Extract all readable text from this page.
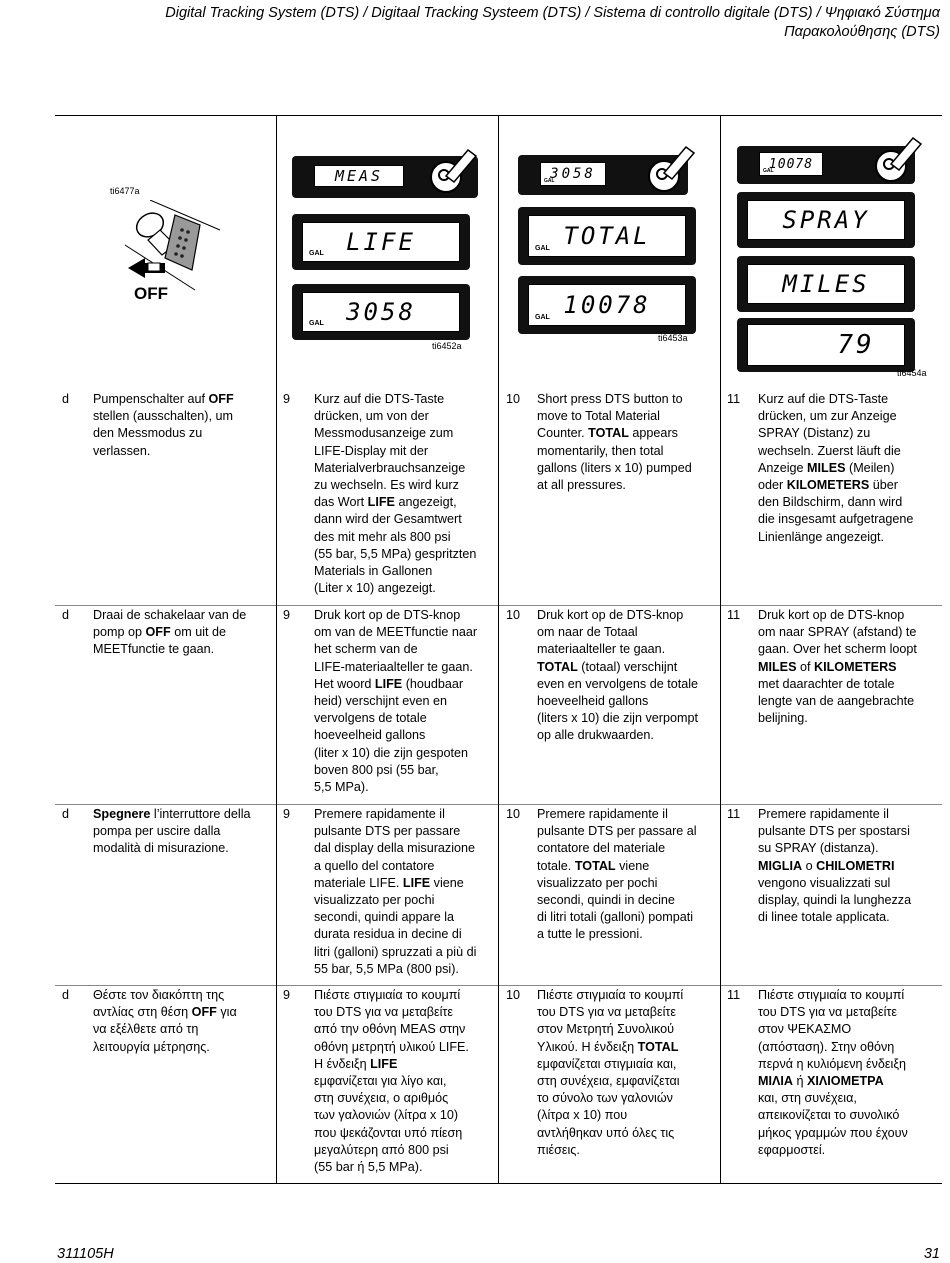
Digital Tracking System (DTS) / Digitaal Tracking Systeem (DTS) / Sistema di controllo digitale (DTS) / Ψηφιακό Σύστημα
Παρακολούθησης (DTS)
ti6477a
OFF
MEAS
GAL LIFE
GAL 3058
ti6452a
GAL
3058
GAL TOTAL
GAL 10078
ti6453a
GAL
10078
SPRAY
MILES
79
ti6454a
d Pumpenschalter auf OFF
stellen (ausschalten), um
den Messmodus zu
verlassen.
9 Kurz auf die DTS-Taste
drücken, um von der
Messmodusanzeige zum
LIFE-Display mit der
Materialverbrauchsanzeige
zu wechseln. Es wird kurz
das Wort LIFE angezeigt,
dann wird der Gesamtwert
des mit mehr als 800 psi
(55 bar, 5,5 MPa) gespritzten
Materials in Gallonen
(Liter x 10) angezeigt.
10 Short press DTS button to
move to Total Material
Counter. TOTAL appears
momentarily, then total
gallons (liters x 10) pumped
at all pressures.
11 Kurz auf die DTS-Taste
drücken, um zur Anzeige
SPRAY (Distanz) zu
wechseln. Zuerst läuft die
Anzeige MILES (Meilen)
oder KILOMETERS über
den Bildschirm, dann wird
die insgesamt aufgetragene
Linienlänge angezeigt.
d Draai de schakelaar van de
pomp op OFF om uit de
MEETfunctie te gaan.
9 Druk kort op de DTS-knop
om van de MEETfunctie naar
het scherm van de
LIFE-materiaalteller te gaan.
Het woord LIFE (houdbaar
heid) verschijnt even en
vervolgens de totale
hoeveelheid gallons
(liter x 10) die zijn gespoten
boven 800 psi (55 bar,
5,5 MPa).
10 Druk kort op de DTS-knop
om naar de Totaal
materiaalteller te gaan.
TOTAL (totaal) verschijnt
even en vervolgens de totale
hoeveelheid gallons
(liters x 10) die zijn verpompt
op alle drukwaarden.
11 Druk kort op de DTS-knop
om naar SPRAY (afstand) te
gaan. Over het scherm loopt
MILES of KILOMETERS
met daarachter de totale
lengte van de aangebrachte
belijning.
d Spegnere l’interruttore della
pompa per uscire dalla
modalità di misurazione.
9 Premere rapidamente il
pulsante DTS per passare
dal display della misurazione
a quello del contatore
materiale LIFE. LIFE viene
visualizzato per pochi
secondi, quindi appare la
durata residua in decine di
litri (galloni) spruzzati a più di
55 bar, 5,5 MPa (800 psi).
10 Premere rapidamente il
pulsante DTS per passare al
contatore del materiale
totale. TOTAL viene
visualizzato per pochi
secondi, quindi in decine
di litri totali (galloni) pompati
a tutte le pressioni.
11 Premere rapidamente il
pulsante DTS per spostarsi
su SPRAY (distanza).
MIGLIA o CHILOMETRI
vengono visualizzati sul
display, quindi la lunghezza
di linee totale applicata.
d Θέστε τον διακόπτη της
αντλίας στη θέση OFF για
να εξέλθετε από τη
λειτουργία μέτρησης.
9 Πιέστε στιγμιαία το κουμπί
του DTS για να μεταβείτε
από την οθόνη MEAS στην
οθόνη μετρητή υλικού LIFE.
Η ένδειξη LIFE
εμφανίζεται για λίγο και,
στη συνέχεια, ο αριθμός
των γαλονιών (λίτρα x 10)
που ψεκάζονται υπό πίεση
μεγαλύτερη από 800 psi
(55 bar ή 5,5 MPa).
10 Πιέστε στιγμιαία το κουμπί
του DTS για να μεταβείτε
στον Μετρητή Συνολικού
Υλικού. Η ένδειξη TOTAL
εμφανίζεται στιγμιαία και,
στη συνέχεια, εμφανίζεται
το σύνολο των γαλονιών
(λίτρα x 10) που
αντλήθηκαν υπό όλες τις
πιέσεις.
11 Πιέστε στιγμιαία το κουμπί
του DTS για να μεταβείτε
στον ΨΕΚΑΣΜΟ
(απόσταση). Στην οθόνη
περνά η κυλιόμενη ένδειξη
ΜΙΛΙΑ ή ΧΙΛΙΟΜΕΤΡΑ
και, στη συνέχεια,
απεικονίζεται το συνολικό
μήκος γραμμών που έχουν
εφαρμοστεί.
311105H	31
